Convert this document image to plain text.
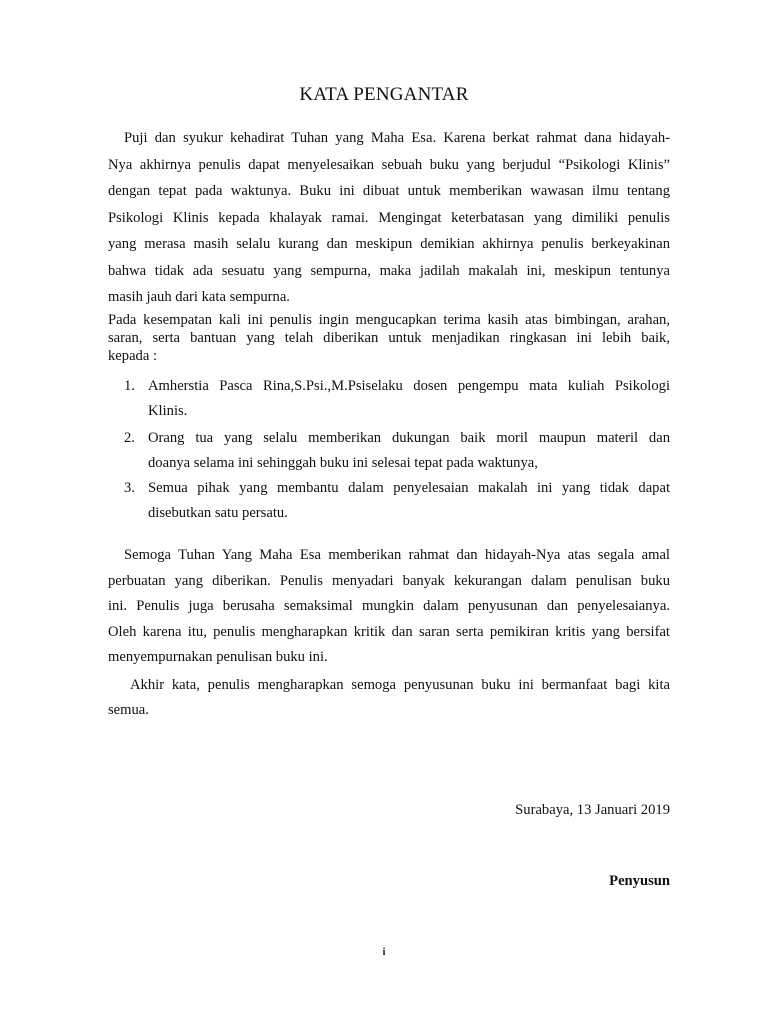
KATA PENGANTAR
Puji dan syukur kehadirat Tuhan yang Maha Esa. Karena berkat rahmat dana hidayah-
Nya akhirnya penulis dapat menyelesaikan sebuah buku yang berjudul “Psikologi Klinis”
dengan tepat pada waktunya. Buku ini dibuat untuk memberikan wawasan ilmu tentang
Psikologi Klinis kepada khalayak ramai. Mengingat keterbatasan yang dimiliki penulis
yang merasa masih selalu kurang dan meskipun demikian akhirnya penulis berkeyakinan
bahwa tidak ada sesuatu yang sempurna, maka jadilah makalah ini, meskipun tentunya
masih jauh dari kata sempurna.
Pada kesempatan kali ini penulis ingin mengucapkan terima kasih atas bimbingan, arahan,
saran, serta bantuan yang telah diberikan untuk menjadikan ringkasan ini lebih baik,
kepada :
1. Amherstia Pasca Rina,S.Psi.,M.Psiselaku dosen pengempu mata kuliah Psikologi
Klinis.
2. Orang tua yang selalu memberikan dukungan baik moril maupun materil dan
doanya selama ini sehinggah buku ini selesai tepat pada waktunya,
3. Semua pihak yang membantu dalam penyelesaian makalah ini yang tidak dapat
disebutkan satu persatu.
Semoga Tuhan Yang Maha Esa memberikan rahmat dan hidayah-Nya atas segala amal
perbuatan yang diberikan. Penulis menyadari banyak kekurangan dalam penulisan buku
ini. Penulis juga berusaha semaksimal mungkin dalam penyusunan dan penyelesaianya.
Oleh karena itu, penulis mengharapkan kritik dan saran serta pemikiran kritis yang bersifat
menyempurnakan penulisan buku ini.
Akhir kata, penulis mengharapkan semoga penyusunan buku ini bermanfaat bagi kita
semua.
Surabaya, 13 Januari 2019
Penyusun
i
